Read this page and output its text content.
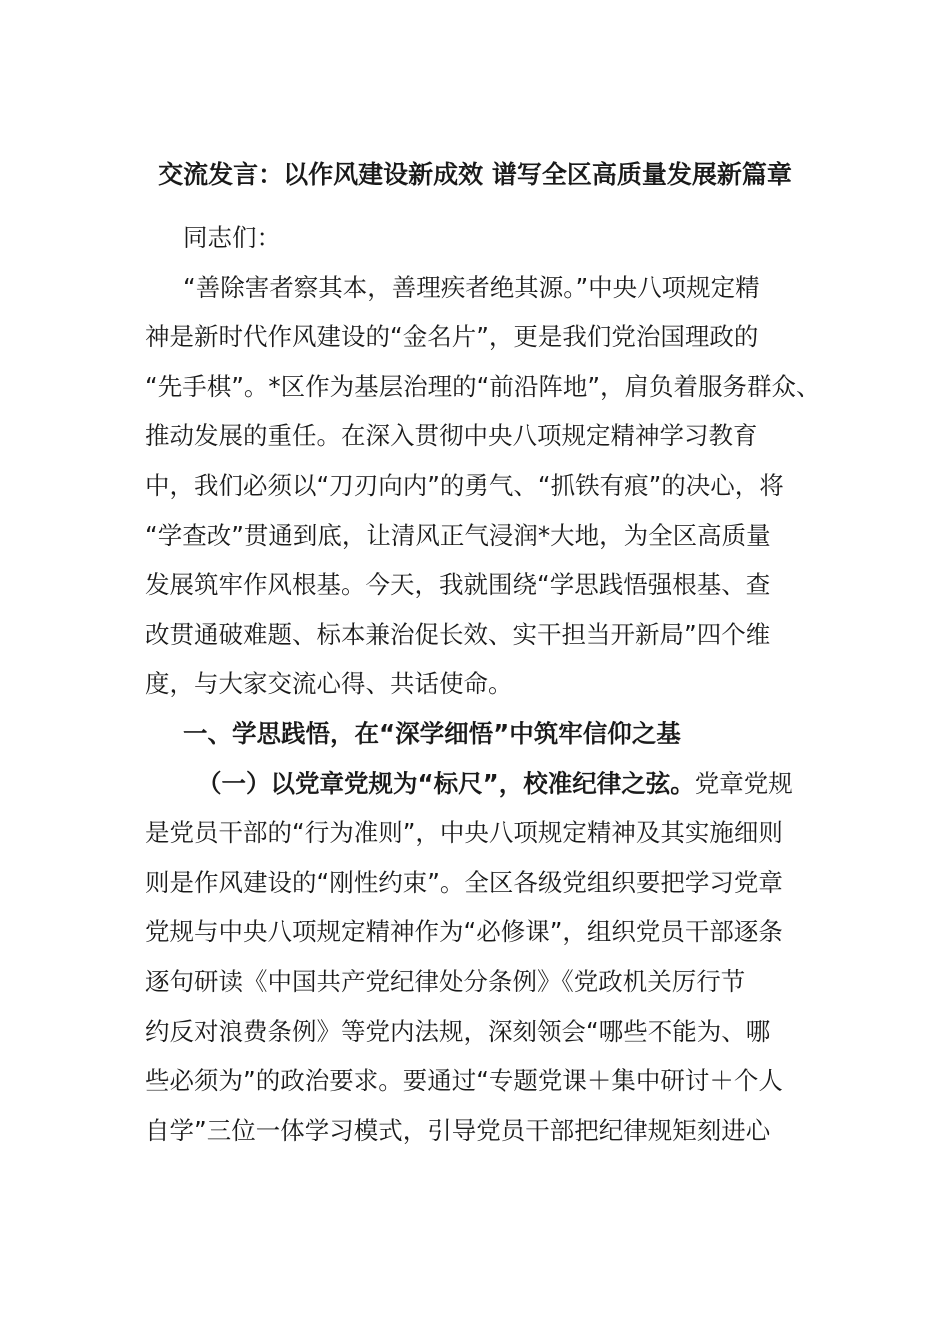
交流发言：以作风建设新成效 谱写全区高质量发展新篇章
同志们：
“善除害者察其本，善理疾者绝其源。”中央八项规定精
神是新时代作风建设的“金名片”，更是我们党治国理政的
“先手棋”。*区作为基层治理的“前沿阵地”，肩负着服务群众、
推动发展的重任。在深入贯彻中央八项规定精神学习教育
中，我们必须以“刀刃向内”的勇气、“抓铁有痕”的决心，将
“学查改”贯通到底，让清风正气浸润*大地，为全区高质量
发展筑牢作风根基。今天，我就围绕“学思践悟强根基、查
改贯通破难题、标本兼治促长效、实干担当开新局”四个维
度，与大家交流心得、共话使命。
一、学思践悟，在“深学细悟”中筑牢信仰之基
（一）以党章党规为“标尺”，校准纪律之弦。党章党规
是党员干部的“行为准则”，中央八项规定精神及其实施细则
则是作风建设的“刚性约束”。全区各级党组织要把学习党章
党规与中央八项规定精神作为“必修课”，组织党员干部逐条
逐句研读《中国共产党纪律处分条例》《党政机关厉行节
约反对浪费条例》等党内法规，深刻领会“哪些不能为、哪
些必须为”的政治要求。要通过“专题党课＋集中研讨＋个人
自学”三位一体学习模式，引导党员干部把纪律规矩刻进心
